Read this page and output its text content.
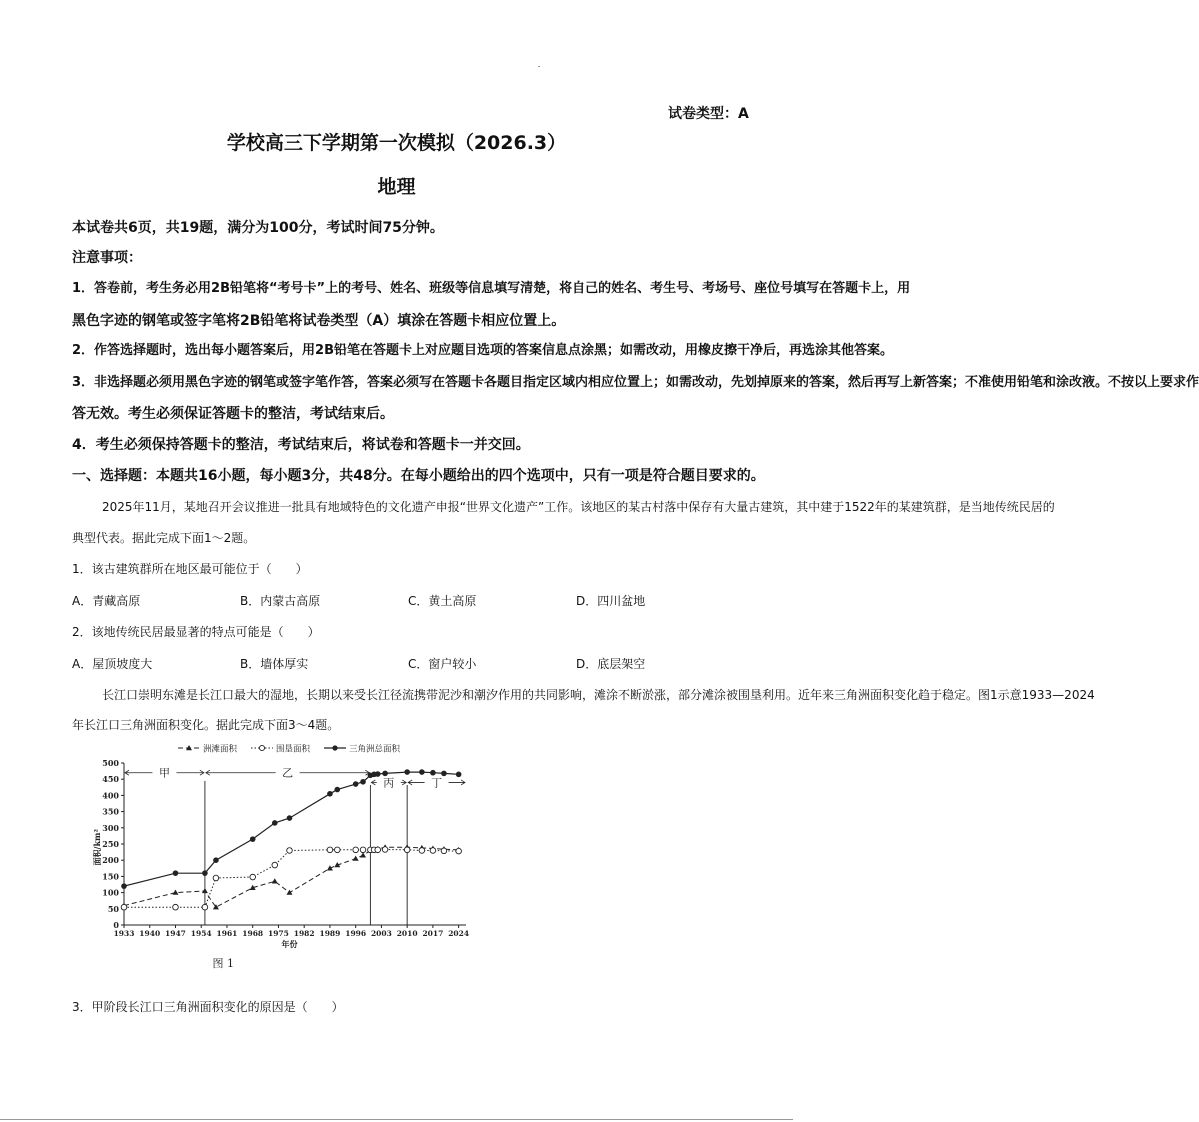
试卷类型：A
学校高三下学期第一次模拟（2026.3）
地理
本试卷共6页，共19题，满分为100分，考试时间75分钟。
注意事项：
1．答卷前，考生务必用2B铅笔将“考号卡”上的考号、姓名、班级等信息填写清楚，将自己的姓名、考生号、考场号、座位号填写在答题卡上，用
黑色字迹的钢笔或签字笔将2B铅笔将试卷类型（A）填涂在答题卡相应位置上。
2．作答选择题时，选出每小题答案后，用2B铅笔在答题卡上对应题目选项的答案信息点涂黑；如需改动，用橡皮擦干净后，再选涂其他答案。
3．非选择题必须用黑色字迹的钢笔或签字笔作答，答案必须写在答题卡各题目指定区域内相应位置上；如需改动，先划掉原来的答案，然后再写上新答案；不准使用铅笔和涂改液。不按以上要求作
答无效。考生必须保证答题卡的整洁，考试结束后。
4．考生必须保持答题卡的整洁，考试结束后，将试卷和答题卡一并交回。
一、选择题：本题共16小题，每小题3分，共48分。在每小题给出的四个选项中，只有一项是符合题目要求的。
2025年11月，某地召开会议推进一批具有地域特色的文化遗产申报“世界文化遗产”工作。该地区的某古村落中保存有大量古建筑，其中建于1522年的某建筑群，是当地传统民居的
典型代表。据此完成下面1～2题。
1．该古建筑群所在地区最可能位于（　　）
A．青藏高原	B．内蒙古高原	C．黄土高原	D．四川盆地
2．该地传统民居最显著的特点可能是（　　）
A．屋顶坡度大	B．墙体厚实	C．窗户较小	D．底层架空
长江口崇明东滩是长江口最大的湿地，长期以来受长江径流携带泥沙和潮汐作用的共同影响，滩涂不断淤涨，部分滩涂被围垦利用。近年来三角洲面积变化趋于稳定。图1示意1933—2024
年长江口三角洲面积变化。据此完成下面3～4题。
0
50
100
150
200
250
300
350
400
450
500
1933 1940 1947 1954 1961 1968 1975 1982 1989 1996 2003 2010 2017 2024
年份
面积/km²
图 1
甲	乙
丙	丁
洲滩面积	围垦面积	三角洲总面积
3．甲阶段长江口三角洲面积变化的原因是（　　）
